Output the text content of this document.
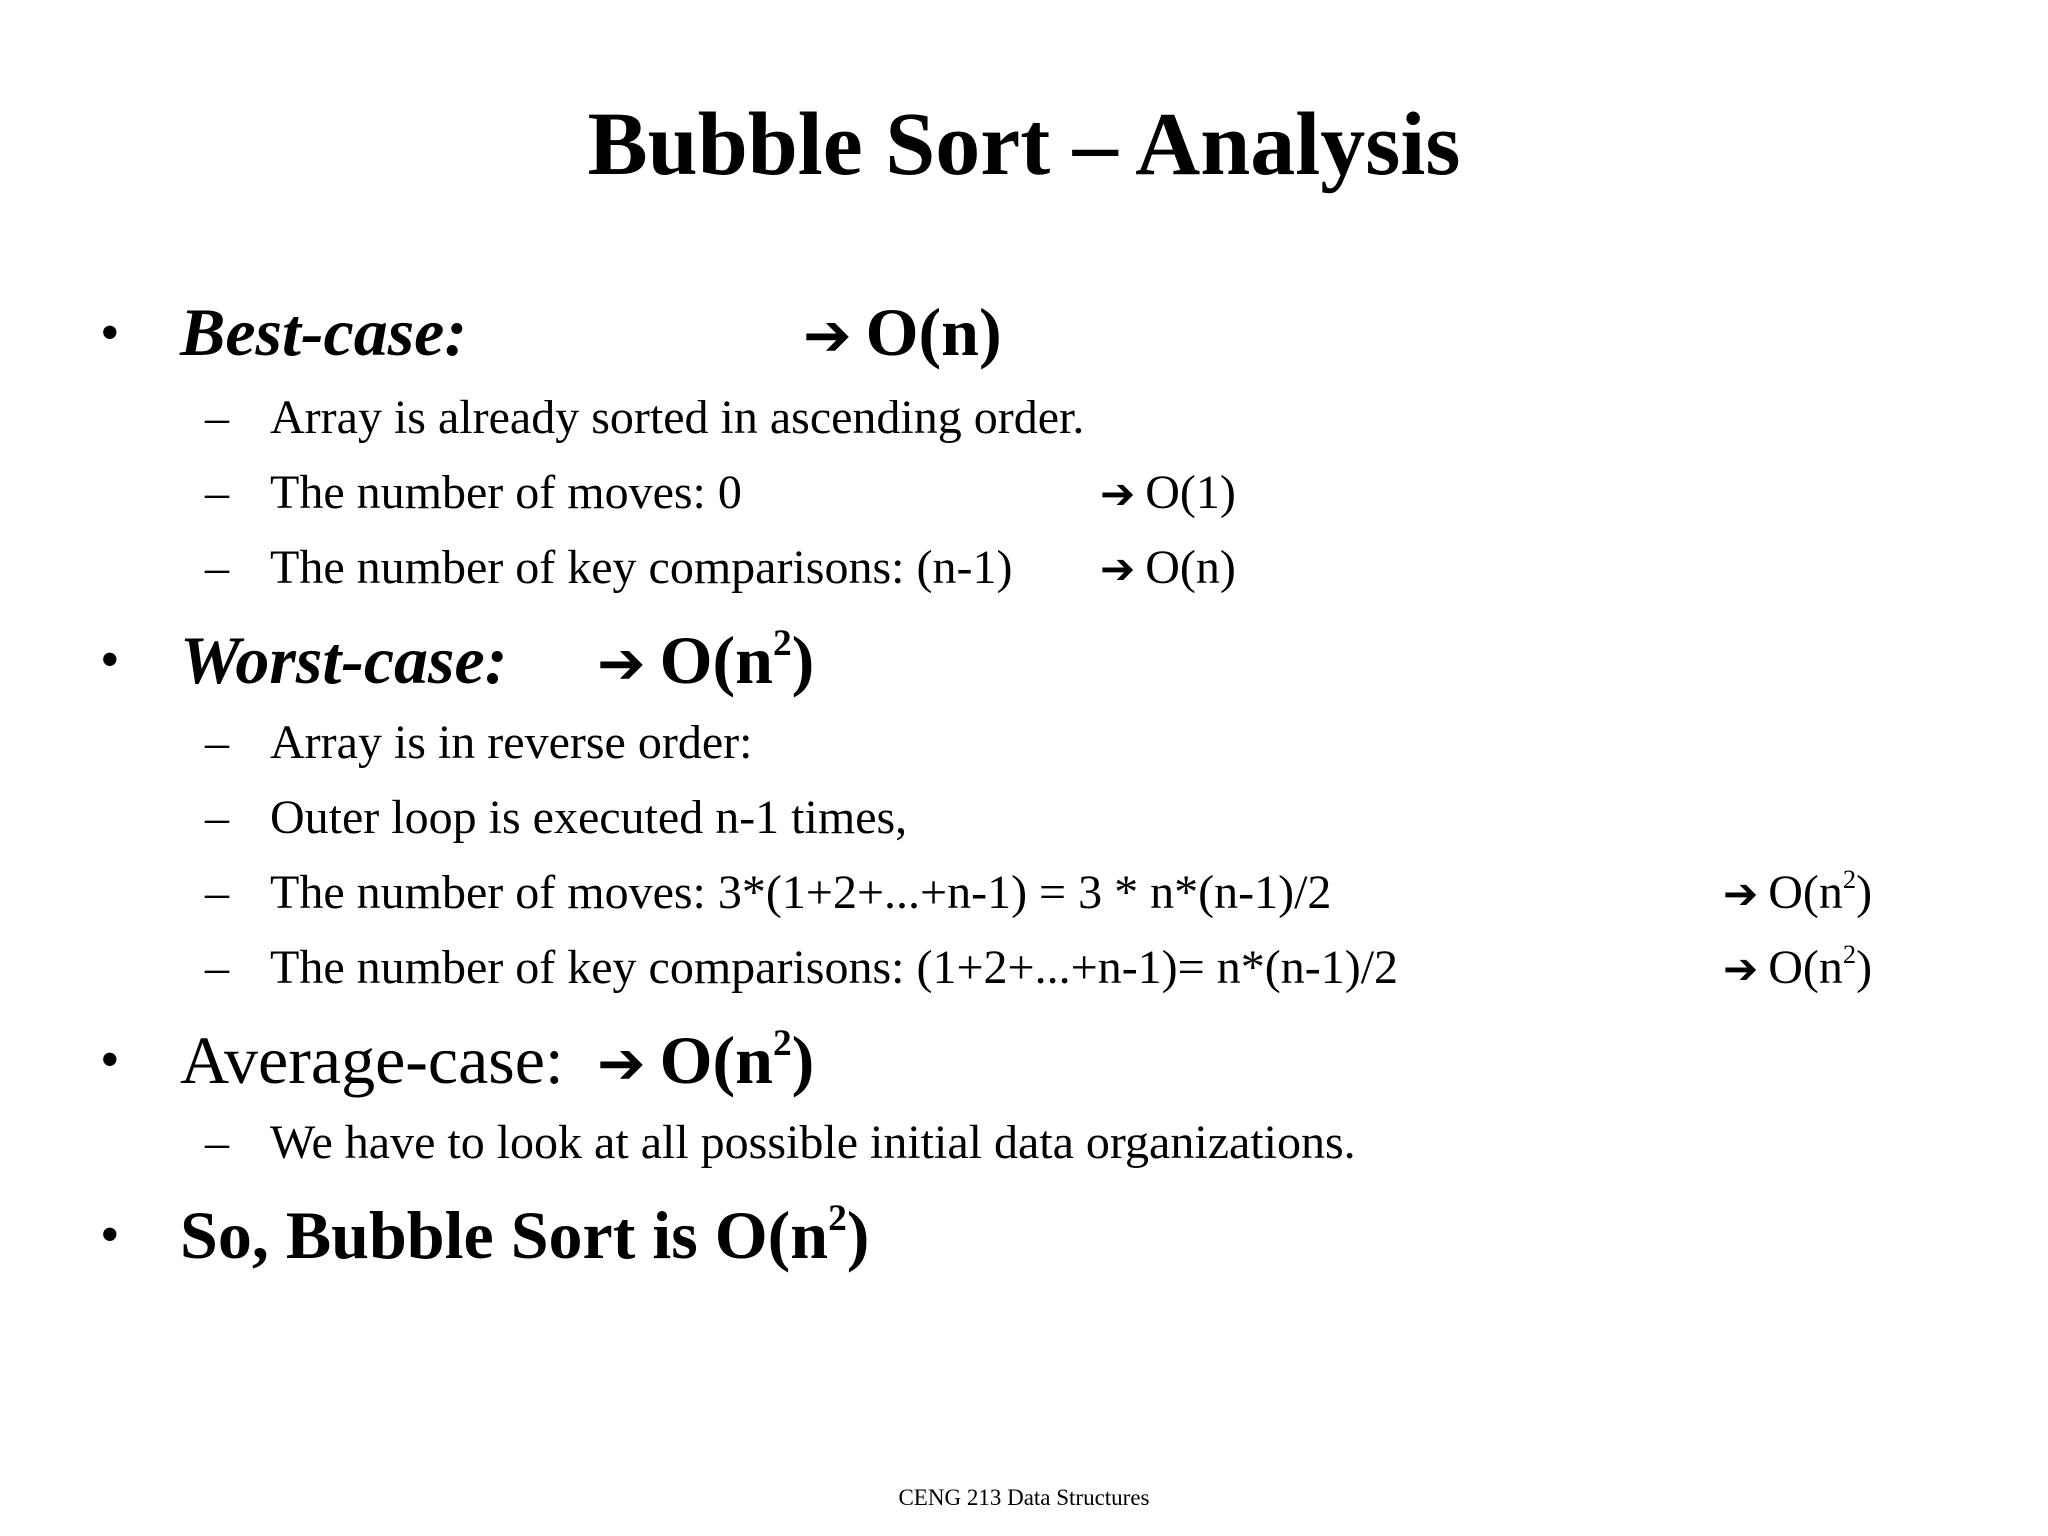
Bubble Sort – Analysis
• Best-case:	➔ O(n)
– Array is already sorted in ascending order.
– The number of moves: 0	➔ O(1)
– The number of key comparisons: (n-1) ➔ O(n)
• Worst-case: ➔ $O(n^2)$
– Array is in reverse order:
– Outer loop is executed n-1 times,
– The number of moves: 3*(1+2+...+n-1) = 3 * n*(n-1)/2	➔ $O(n^2)$
– The number of key comparisons: (1+2+...+n-1)= n*(n-1)/2	➔ $O(n^2)$
• Average-case: ➔ $O(n^2)$
– We have to look at all possible initial data organizations.
• So, Bubble Sort is $O(n^2)$
CENG 213 Data Structures
